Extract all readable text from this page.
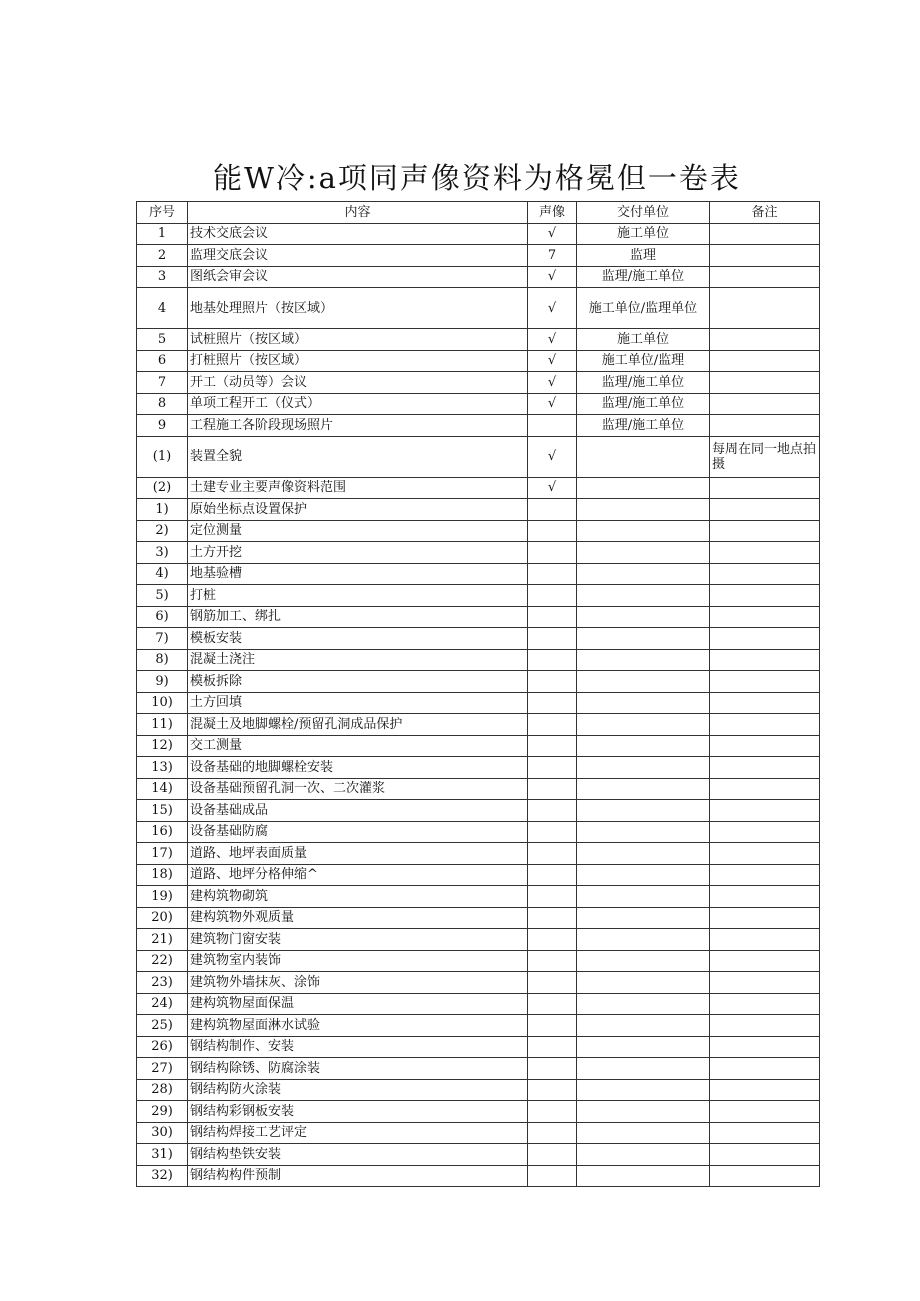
能W冷:a项同声像资料为格冕但一卷表
序号	内容	声像	交付单位	备注
1	技术交底会议	√	施工单位	
2	监理交底会议	7	监理	
3	图纸会审会议	√	监理/施工单位	
4	地基处理照片（按区域）	√	施工单位/监理单位	
5	试桩照片（按区域）	√	施工单位	
6	打桩照片（按区域）	√	施工单位/监理	
7	开工（动员等）会议	√	监理/施工单位	
8	单项工程开工（仪式）	√	监理/施工单位	
9	工程施工各阶段现场照片		监理/施工单位	
(1)	装置全貌	√		每周在同一地点拍摄
(2)	土建专业主要声像资料范围	√		
1)	原始坐标点设置保护			
2)	定位测量			
3)	土方开挖			
4)	地基验槽			
5)	打桩			
6)	钢筋加工、绑扎			
7)	模板安装			
8)	混凝土浇注			
9)	模板拆除			
10)	土方回填			
11)	混凝土及地脚螺栓/预留孔洞成品保护			
12)	交工测量			
13)	设备基础的地脚螺栓安装			
14)	设备基础预留孔洞一次、二次灌浆			
15)	设备基础成品			
16)	设备基础防腐			
17)	道路、地坪表面质量			
18)	道路、地坪分格伸缩^			
19)	建构筑物砌筑			
20)	建构筑物外观质量			
21)	建筑物门窗安装			
22)	建筑物室内装饰			
23)	建筑物外墙抹灰、涂饰			
24)	建构筑物屋面保温			
25)	建构筑物屋面淋水试验			
26)	钢结构制作、安装			
27)	钢结构除锈、防腐涂装			
28)	钢结构防火涂装			
29)	钢结构彩钢板安装			
30)	钢结构焊接工艺评定			
31)	钢结构垫铁安装			
32)	钢结构构件预制			
